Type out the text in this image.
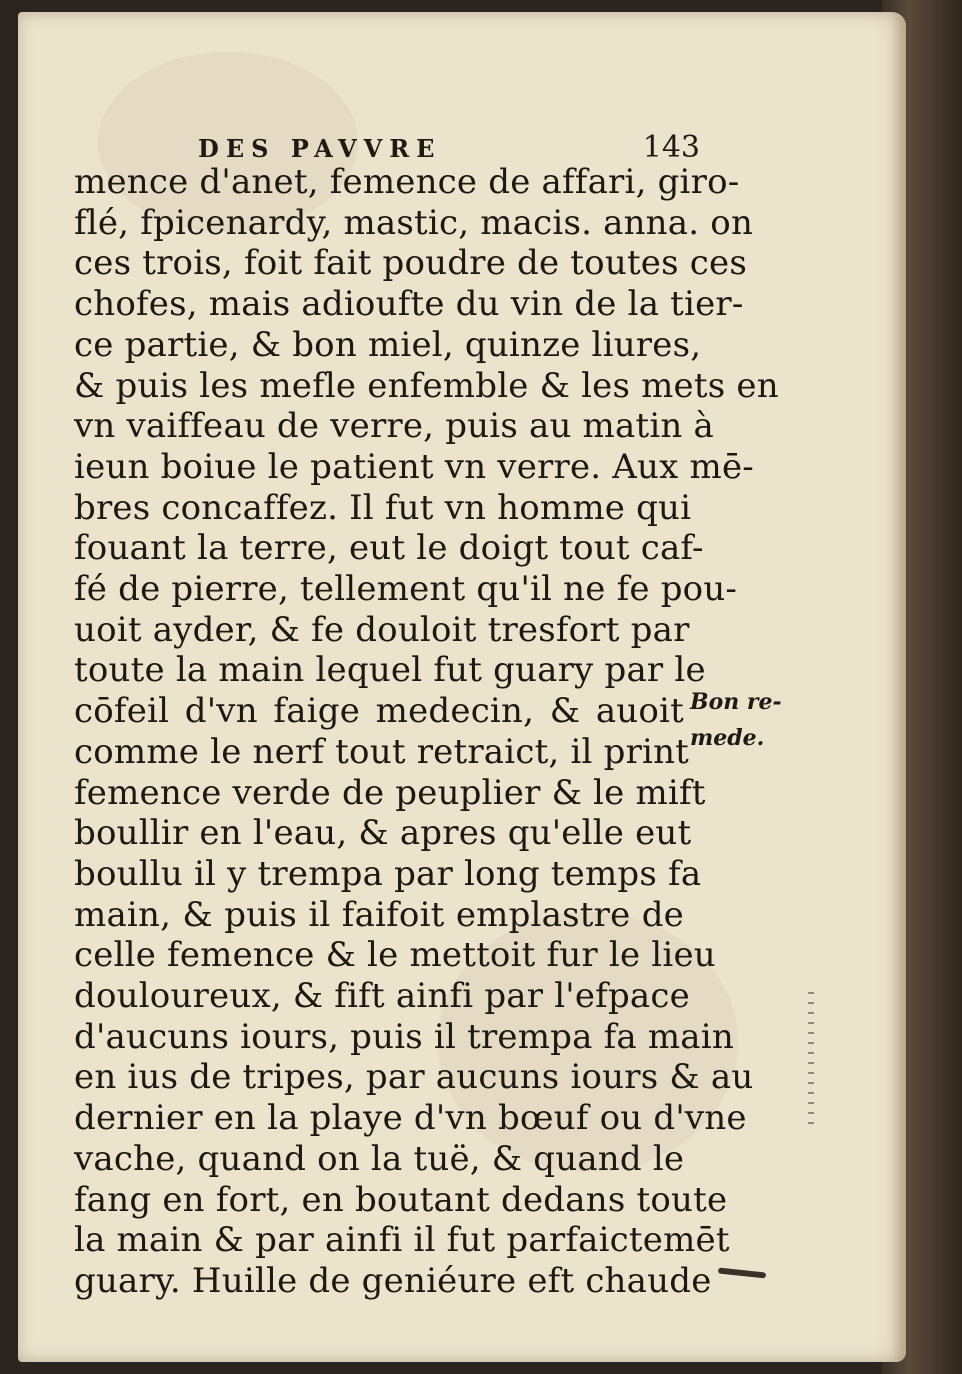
DES PAVVRE	143
mence d'anet, femence de affari, giro-
flé, fpicenardy, mastic, macis. anna. on
ces trois, foit fait poudre de toutes ces
chofes, mais adioufte du vin de la tier-
ce partie, & bon miel, quinze liures,
& puis les mefle enfemble & les mets en
vn vaiffeau de verre, puis au matin à
ieun boiue le patient vn verre. Aux mē-
bres concaffez. Il fut vn homme qui
fouant la terre, eut le doigt tout caf-
fé de pierre, tellement qu'il ne fe pou-
uoit ayder, & fe douloit tresfort par
toute la main lequel fut guary par le
cōfeil d'vn faige medecin, & auoit
comme le nerf tout retraict, il print
femence verde de peuplier & le mift
boullir en l'eau, & apres qu'elle eut
boullu il y trempa par long temps fa
main, & puis il faifoit emplastre de
celle femence & le mettoit fur le lieu
douloureux, & fift ainfi par l'efpace
d'aucuns iours, puis il trempa fa main
en ius de tripes, par aucuns iours & au
dernier en la playe d'vn bœuf ou d'vne
vache, quand on la tuë, & quand le
fang en fort, en boutant dedans toute
la main & par ainfi il fut parfaictemēt
guary. Huille de geniéure eft chaude
Bon re-
mede.
